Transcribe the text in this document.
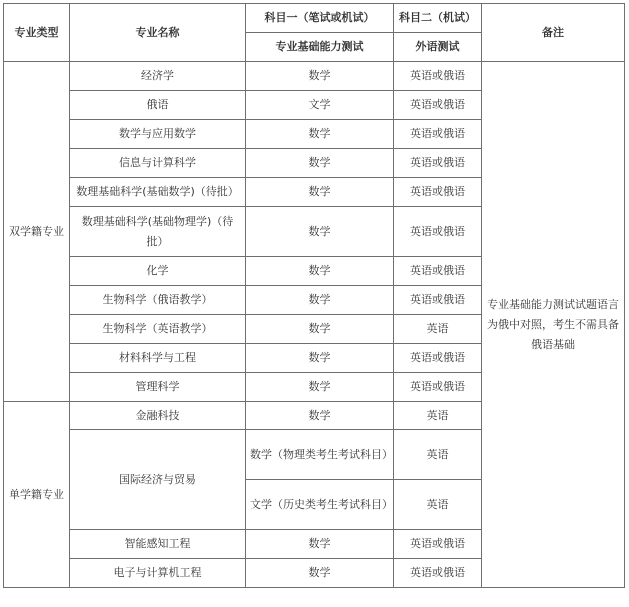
专业类型	专业名称	科目一（笔试或机试）	科目二（机试）	备注
		专业基础能力测试	外语测试	
双学籍专业	经济学	数学	英语或俄语	专业基础能力测试试题语言为俄中对照，考生不需具备俄语基础
	俄语	文学	英语或俄语	
	数学与应用数学	数学	英语或俄语	
	信息与计算科学	数学	英语或俄语	
	数理基础科学(基础数学)（待批）	数学	英语或俄语	
	数理基础科学(基础物理学)（待批）	数学	英语或俄语	
	化学	数学	英语或俄语	
	生物科学（俄语教学）	数学	英语或俄语	
	生物科学（英语教学）	数学	英语	
	材料科学与工程	数学	英语或俄语	
	管理科学	数学	英语或俄语	
单学籍专业	金融科技	数学	英语	
	国际经济与贸易	数学（物理类考生考试科目）	英语	
		文学（历史类考生考试科目）	英语	
	智能感知工程	数学	英语或俄语	
	电子与计算机工程	数学	英语或俄语	
